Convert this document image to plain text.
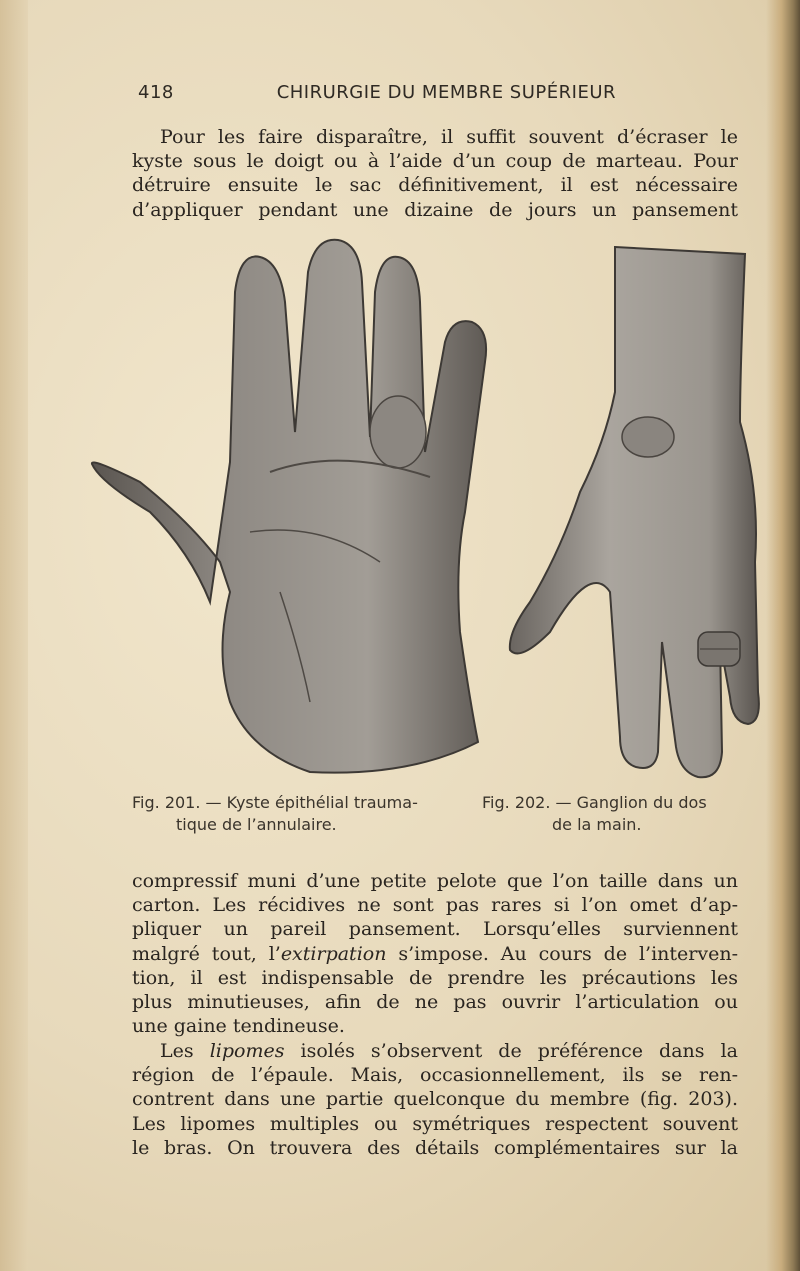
418	CHIRURGIE DU MEMBRE SUPÉRIEUR
Pour les faire disparaître, il suffit souvent d’écraser le
kyste sous le doigt ou à l’aide d’un coup de marteau. Pour
détruire ensuite le sac définitivement, il est nécessaire
d’appliquer pendant une dizaine de jours un pansement
Fig. 201. — Kyste épithélial trauma-
tique de l’annulaire.
Fig. 202. — Ganglion du dos
de la main.
compressif muni d’une petite pelote que l’on taille dans un
carton. Les récidives ne sont pas rares si l’on omet d’ap-
pliquer un pareil pansement. Lorsqu’elles surviennent
malgré tout, l’extirpation s’impose. Au cours de l’interven-
tion, il est indispensable de prendre les précautions les
plus minutieuses, afin de ne pas ouvrir l’articulation ou
une gaine tendineuse.
Les lipomes isolés s’observent de préférence dans la
région de l’épaule. Mais, occasionnellement, ils se ren-
contrent dans une partie quelconque du membre (fig. 203).
Les lipomes multiples ou symétriques respectent souvent
le bras. On trouvera des détails complémentaires sur la
